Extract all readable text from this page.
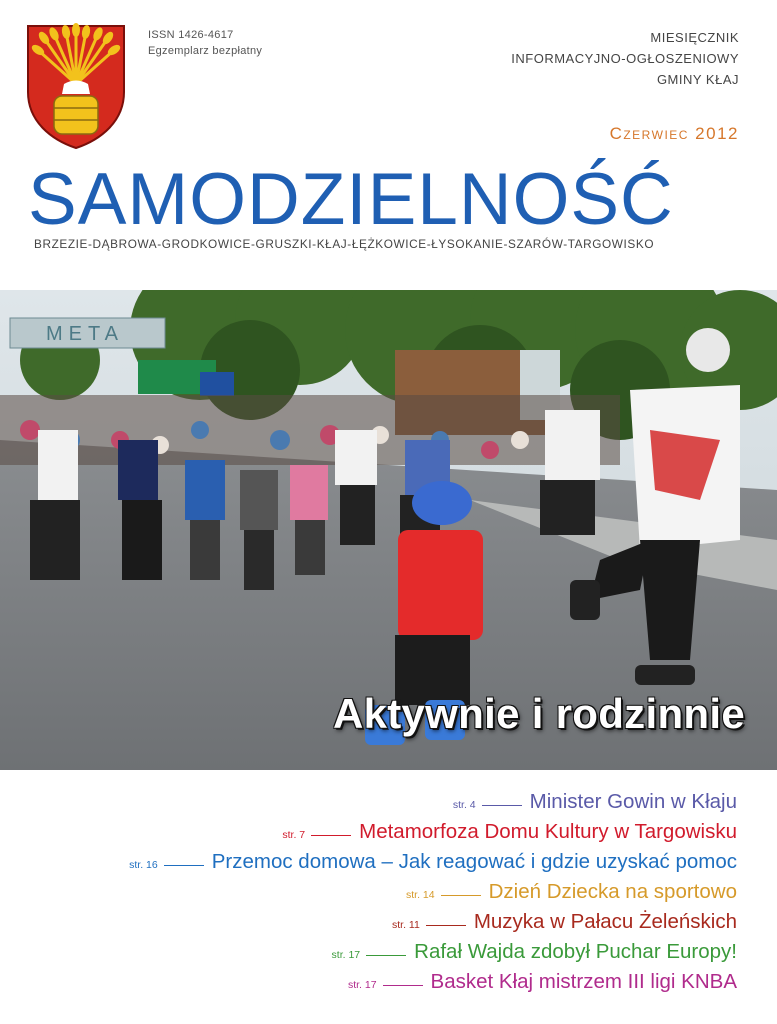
ISSN 1426-4617
Egzemplarz bezpłatny
MIESIĘCZNIK
INFORMACYJNO-OGŁOSZENIOWY
GMINY KŁAJ
Czerwiec 2012
SAMODZIELNOŚĆ
BRZEZIE-DĄBROWA-GRODKOWICE-GRUSZKI-KŁAJ-ŁĘŻKOWICE-ŁYSOKANIE-SZARÓW-TARGOWISKO
META
Aktywnie i rodzinnie
str. 4	Minister Gowin w Kłaju
str. 7	Metamorfoza Domu Kultury w Targowisku
str. 16	Przemoc domowa – Jak reagować i gdzie uzyskać pomoc
str. 14	Dzień Dziecka na sportowo
str. 11	Muzyka w Pałacu Żeleńskich
str. 17	Rafał Wajda zdobył Puchar Europy!
str. 17	Basket Kłaj mistrzem III ligi KNBA
